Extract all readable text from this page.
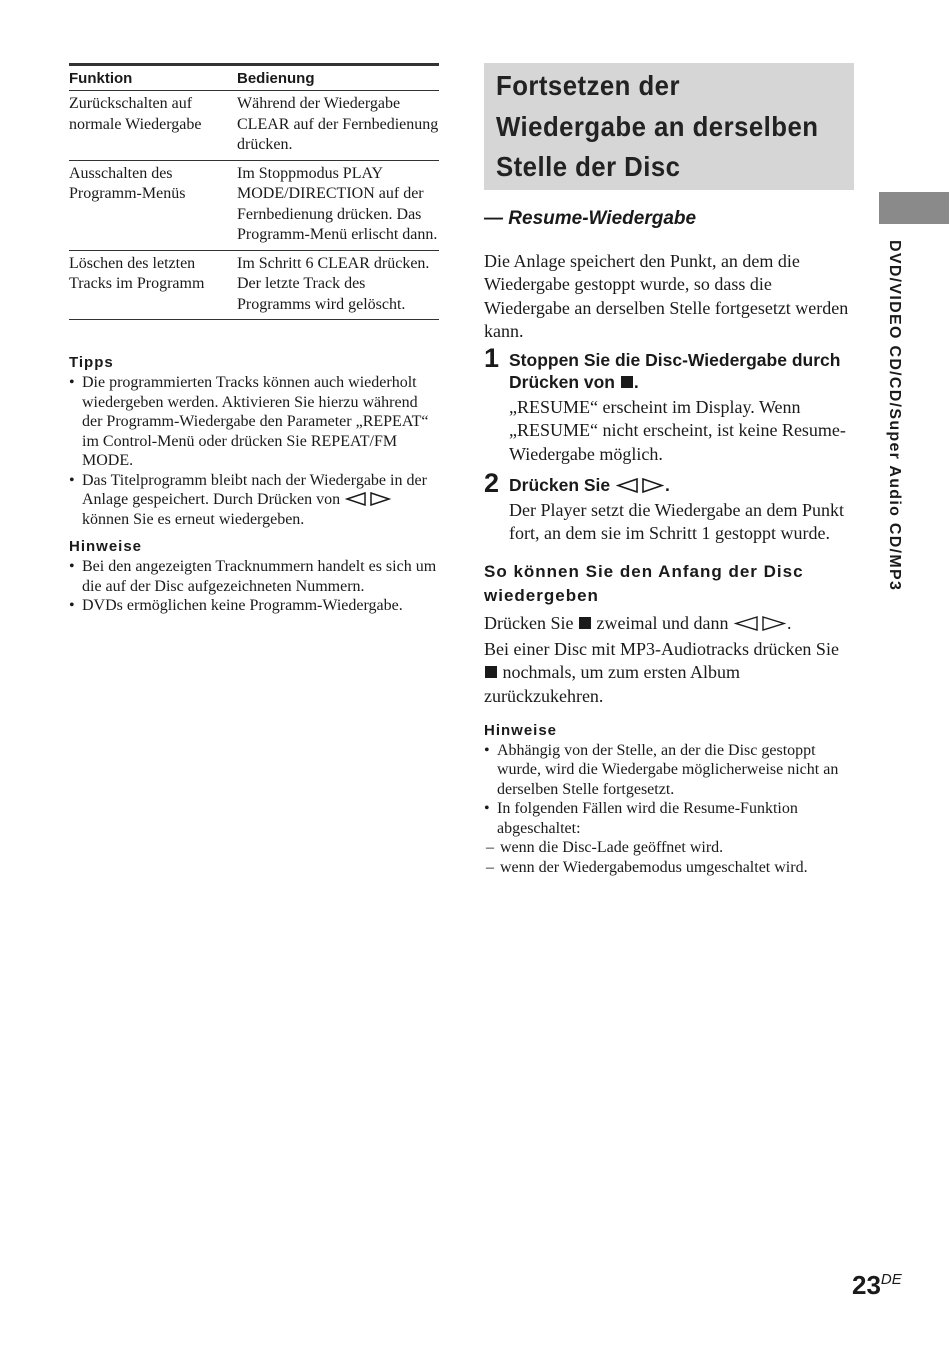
Funktion	Bedienung
Zurückschalten auf normale Wiedergabe	Während der Wiedergabe CLEAR auf der Fernbedienung drücken.
Ausschalten des Programm-Menüs	Im Stoppmodus PLAY MODE/DIRECTION auf der Fernbedienung drücken. Das Programm-Menü erlischt dann.
Löschen des letzten Tracks im Programm	Im Schritt 6 CLEAR drücken. Der letzte Track des Programms wird gelöscht.
Tipps
• Die programmierten Tracks können auch wiederholt wiedergeben werden. Aktivieren Sie hierzu während der Programm-Wiedergabe den Parameter „REPEAT“ im Control-Menü oder drücken Sie REPEAT/FM MODE.
• Das Titelprogramm bleibt nach der Wiedergabe in der Anlage gespeichert. Durch Drücken von  können Sie es erneut wiedergeben.
Hinweise
• Bei den angezeigten Tracknummern handelt es sich um die auf der Disc aufgezeichneten Nummern.
• DVDs ermöglichen keine Programm-Wiedergabe.
Fortsetzen der
Wiedergabe an derselben
Stelle der Disc
— Resume-Wiedergabe

Die Anlage speichert den Punkt, an dem die Wiedergabe gestoppt wurde, so dass die Wiedergabe an derselben Stelle fortgesetzt werden kann.

1 Stoppen Sie die Disc-Wiedergabe durch Drücken von .

„RESUME“ erscheint im Display. Wenn „RESUME“ nicht erscheint, ist keine Resume-Wiedergabe möglich.

2 Drücken Sie	.

Der Player setzt die Wiedergabe an dem Punkt fort, an dem sie im Schritt 1 gestoppt wurde.

So können Sie den Anfang der Disc wiedergeben

Drücken Sie zweimal und dann	.

Bei einer Disc mit MP3-Audiotracks drücken Sie  nochmals, um zum ersten Album zurückzukehren.

Hinweise
• Abhängig von der Stelle, an der die Disc gestoppt wurde, wird die Wiedergabe möglicherweise nicht an derselben Stelle fortgesetzt.
• In folgenden Fällen wird die Resume-Funktion abgeschaltet:
– wenn die Disc-Lade geöffnet wird.
– wenn der Wiedergabemodus umgeschaltet wird.
DVD/VIDEO CD/CD/Super Audio CD/MP3
23DE
